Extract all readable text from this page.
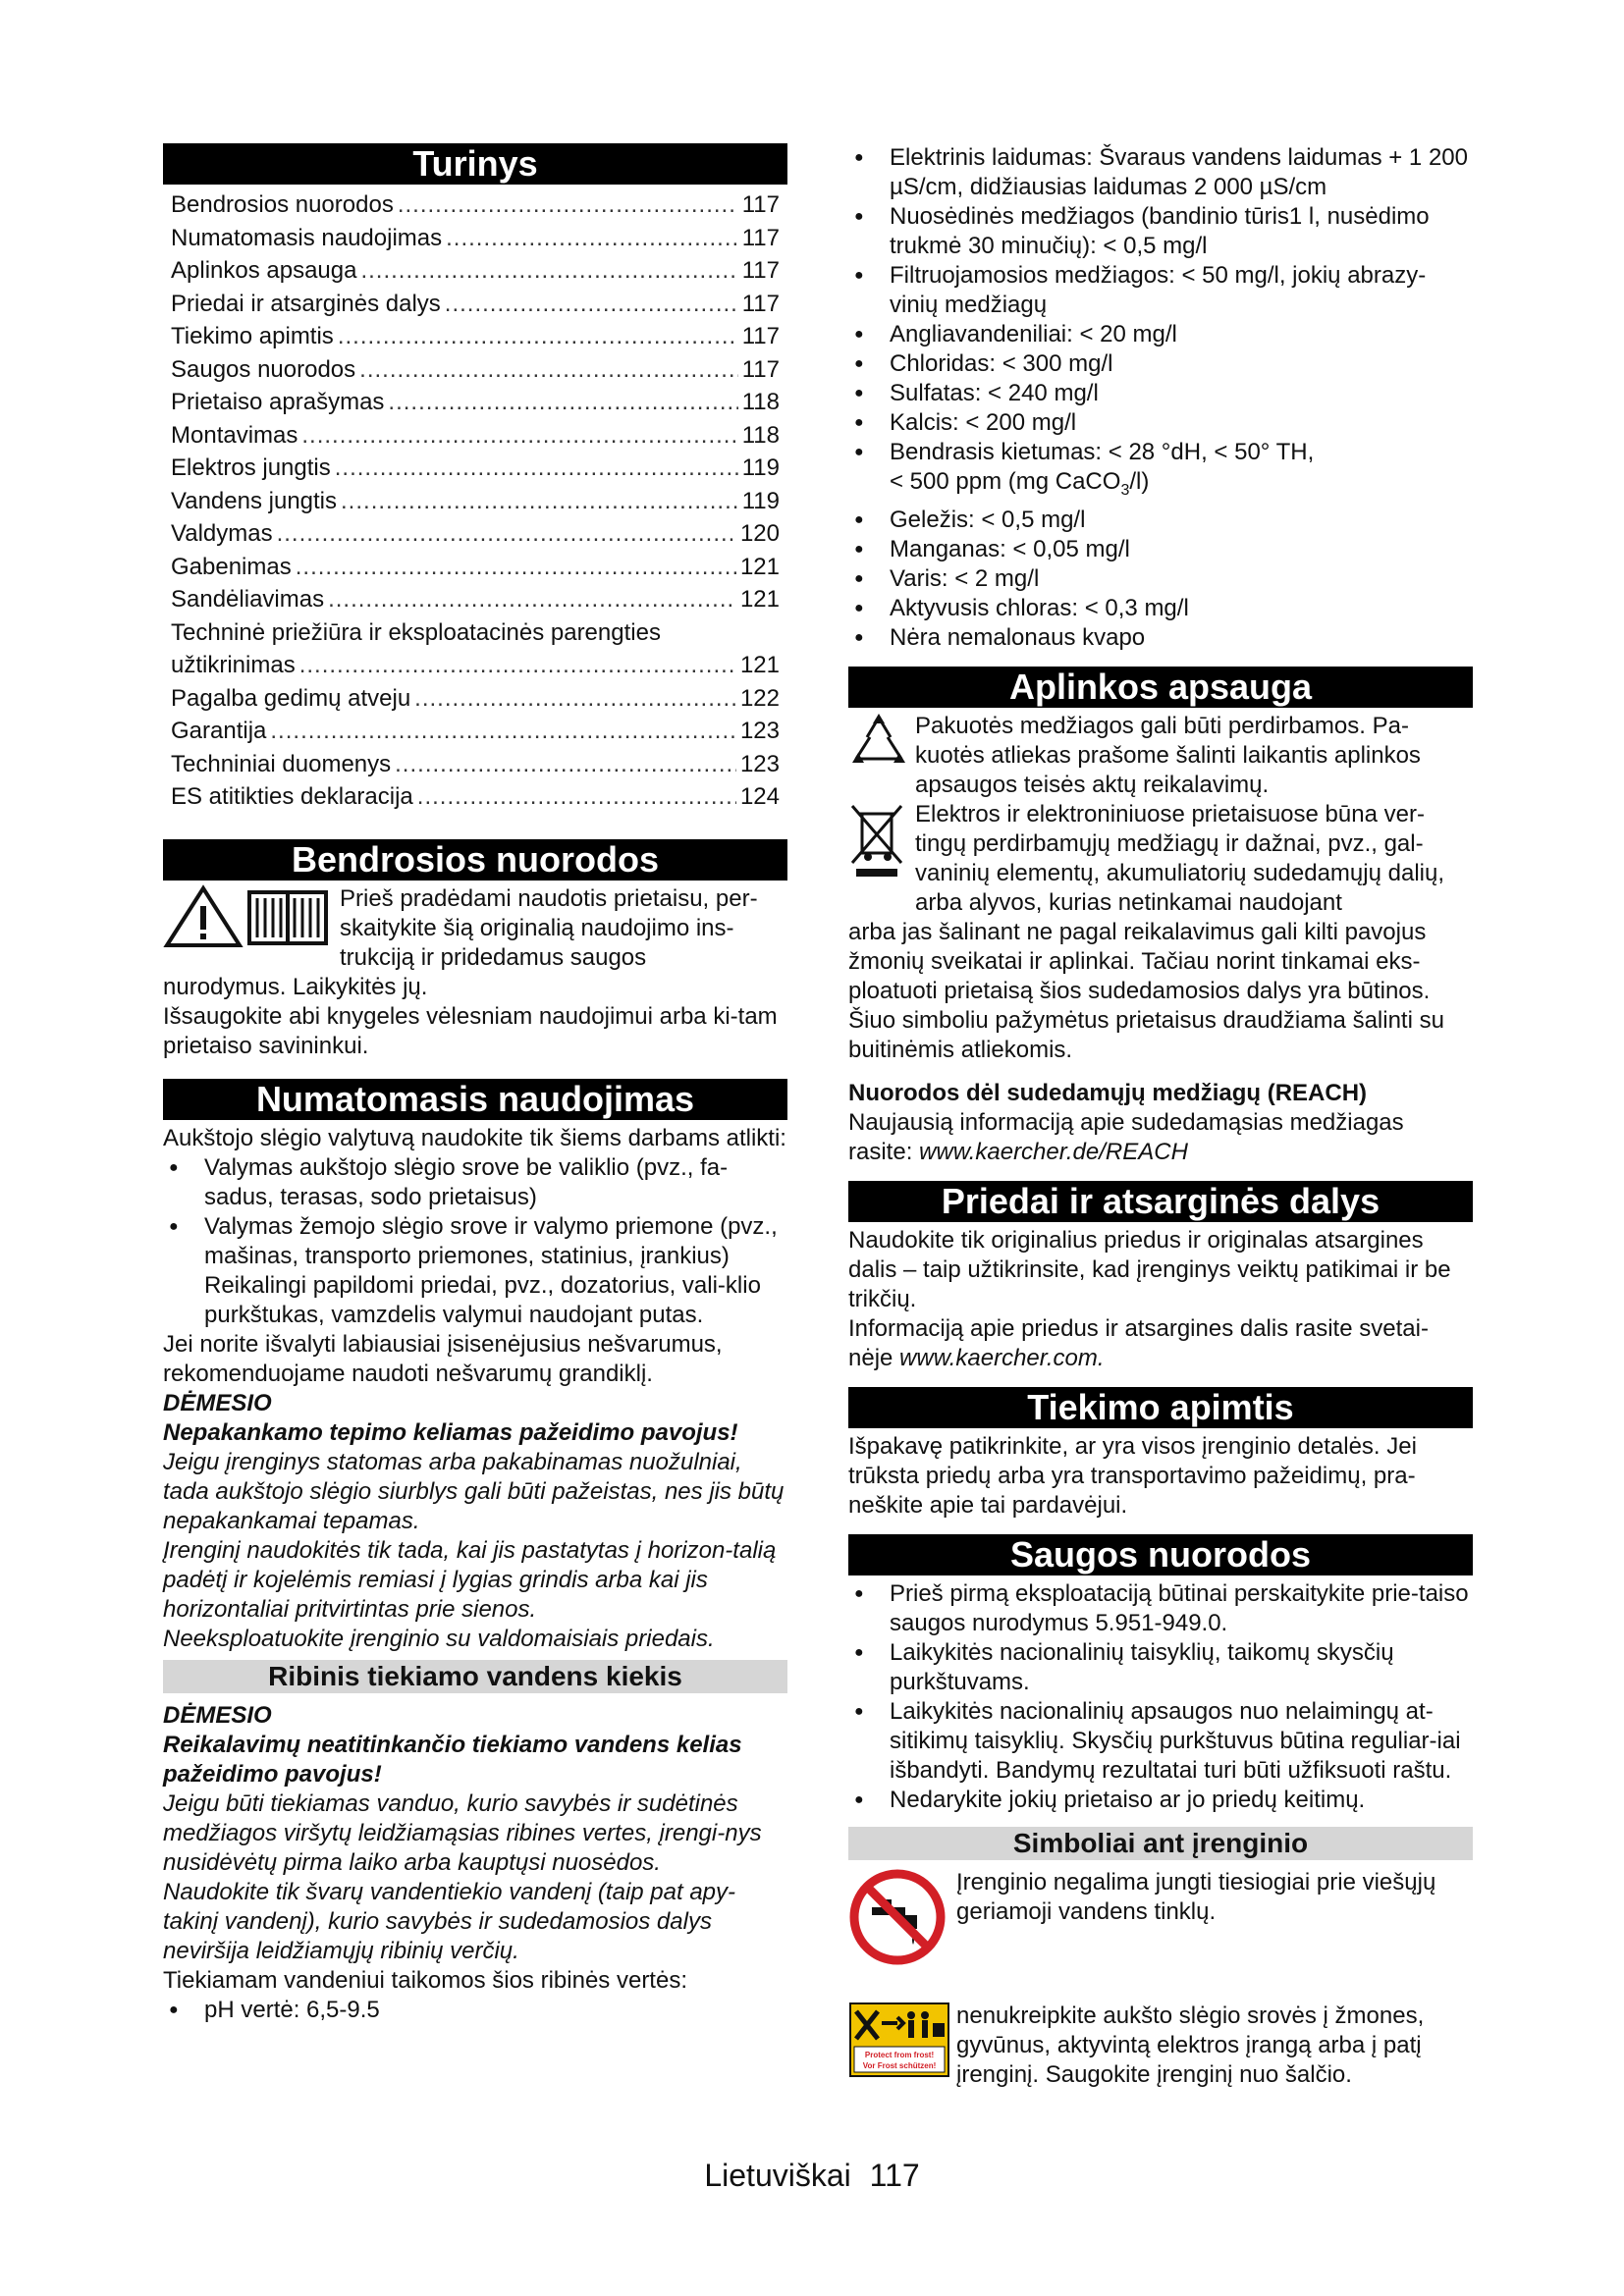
Turinys
Bendrosios nuorodos .....	117
Numatomasis naudojimas .....	117
Aplinkos apsauga .....	117
Priedai ir atsarginės dalys .....	117
Tiekimo apimtis .....	117
Saugos nuorodos .....	117
Prietaiso aprašymas .....	118
Montavimas .....	118
Elektros jungtis .....	119
Vandens jungtis .....	119
Valdymas .....	120
Gabenimas .....	121
Sandėliavimas .....	121
Techninė priežiūra ir eksploatacinės parengties
užtikrinimas .....	121
Pagalba gedimų atveju .....	122
Garantija .....	123
Techniniai duomenys .....	123
ES atitikties deklaracija .....	124
Bendrosios nuorodos

Prieš pradėdami naudotis prietaisu, per-skaitykite šią originalią naudojimo ins-trukciją ir pridedamus saugos

nurodymus. Laikykitės jų.

Išsaugokite abi knygeles vėlesniam naudojimui arba ki-tam prietaiso savininkui.

Numatomasis naudojimas

Aukštojo slėgio valytuvą naudokite tik šiems darbams atlikti:

● Valymas aukštojo slėgio srove be valiklio (pvz., fa-sadus, terasas, sodo prietaisus)
● Valymas žemojo slėgio srove ir valymo priemone (pvz., mašinas, transporto priemones, statinius, įrankius)

Reikalingi papildomi priedai, pvz., dozatorius, vali-klio purkštukas, vamzdelis valymui naudojant putas.

Jei norite išvalyti labiausiai įsisenėjusius nešvarumus, rekomenduojame naudoti nešvarumų grandiklį.

DĖMESIO

Nepakankamo tepimo keliamas pažeidimo pavojus!

Jeigu įrenginys statomas arba pakabinamas nuožulniai, tada aukštojo slėgio siurblys gali būti pažeistas, nes jis būtų nepakankamai tepamas.

Įrenginį naudokitės tik tada, kai jis pastatytas į horizon-talią padėtį ir kojelėmis remiasi į lygias grindis arba kai jis horizontaliai pritvirtintas prie sienos.

Neeksploatuokite įrenginio su valdomaisiais priedais.

Ribinis tiekiamo vandens kiekis

DĖMESIO

Reikalavimų neatitinkančio tiekiamo vandens kelias pažeidimo pavojus!

Jeigu būti tiekiamas vanduo, kurio savybės ir sudėtinės medžiagos viršytų leidžiamąsias ribines vertes, įrengi-nys nusidėvėtų pirma laiko arba kauptųsi nuosėdos.

Naudokite tik švarų vandentiekio vandenį (taip pat apy-takinį vandenį), kurio savybės ir sudedamosios dalys neviršija leidžiamųjų ribinių verčių.

Tiekiamam vandeniui taikomos šios ribinės vertės:

● pH vertė: 6,5-9.5
● Elektrinis laidumas: Švaraus vandens laidumas + 1 200 µS/cm, didžiausias laidumas 2 000 µS/cm
● Nuosėdinės medžiagos (bandinio tūris1 l, nusėdimo trukmė 30 minučių): < 0,5 mg/l
● Filtruojamosios medžiagos: < 50 mg/l, jokių abrazy-vinių medžiagų
● Angliavandeniliai: < 20 mg/l
● Chloridas: < 300 mg/l
● Sulfatas: < 240 mg/l
● Kalcis: < 200 mg/l
● Bendrasis kietumas: < 28 °dH, < 50° TH,
< 500 ppm (mg CaCO$_3$/l)
● Geležis: < 0,5 mg/l
● Manganas: < 0,05 mg/l
● Varis: < 2 mg/l
● Aktyvusis chloras: < 0,3 mg/l
● Nėra nemalonaus kvapo
Aplinkos apsauga

Pakuotės medžiagos gali būti perdirbamos. Pa-kuotės atliekas prašome šalinti laikantis aplinkos apsaugos teisės aktų reikalavimų.

Elektros ir elektroniniuose prietaisuose būna ver-tingų perdirbamųjų medžiagų ir dažnai, pvz., gal-vaninių elementų, akumuliatorių sudedamųjų dalių, arba alyvos, kurias netinkamai naudojant

arba jas šalinant ne pagal reikalavimus gali kilti pavojus žmonių sveikatai ir aplinkai. Tačiau norint tinkamai eks-ploatuoti prietaisą šios sudedamosios dalys yra būtinos. Šiuo simboliu pažymėtus prietaisus draudžiama šalinti su buitinėmis atliekomis.

Nuorodos dėl sudedamųjų medžiagų (REACH)

Naujausią informaciją apie sudedamąsias medžiagas rasite: www.kaercher.de/REACH

Priedai ir atsarginės dalys

Naudokite tik originalius priedus ir originalas atsargines dalis – taip užtikrinsite, kad įrenginys veiktų patikimai ir be trikčių.

Informaciją apie priedus ir atsargines dalis rasite svetai-nėje www.kaercher.com.

Tiekimo apimtis

Išpakavę patikrinkite, ar yra visos įrenginio detalės. Jei trūksta priedų arba yra transportavimo pažeidimų, pra-neškite apie tai pardavėjui.

Saugos nuorodos
● Prieš pirmą eksploataciją būtinai perskaitykite prie-taiso saugos nurodymus 5.951-949.0.
● Laikykitės nacionalinių taisyklių, taikomų skysčių purkštuvams.
● Laikykitės nacionalinių apsaugos nuo nelaimingų at-sitikimų taisyklių. Skysčių purkštuvus būtina reguliar-iai išbandyti. Bandymų rezultatai turi būti užfiksuoti raštu.
● Nedarykite jokių prietaiso ar jo priedų keitimų.
Simboliai ant įrenginio

Įrenginio negalima jungti tiesiogiai prie viešųjų geriamoji vandens tinklų.

Protect from frost!
Vor Frost schützen!

nenukreipkite aukšto slėgio srovės į žmones, gyvūnus, aktyvintą elektros įrangą arba į patį įrenginį. Saugokite įrenginį nuo šalčio.

Lietuviškai 117
